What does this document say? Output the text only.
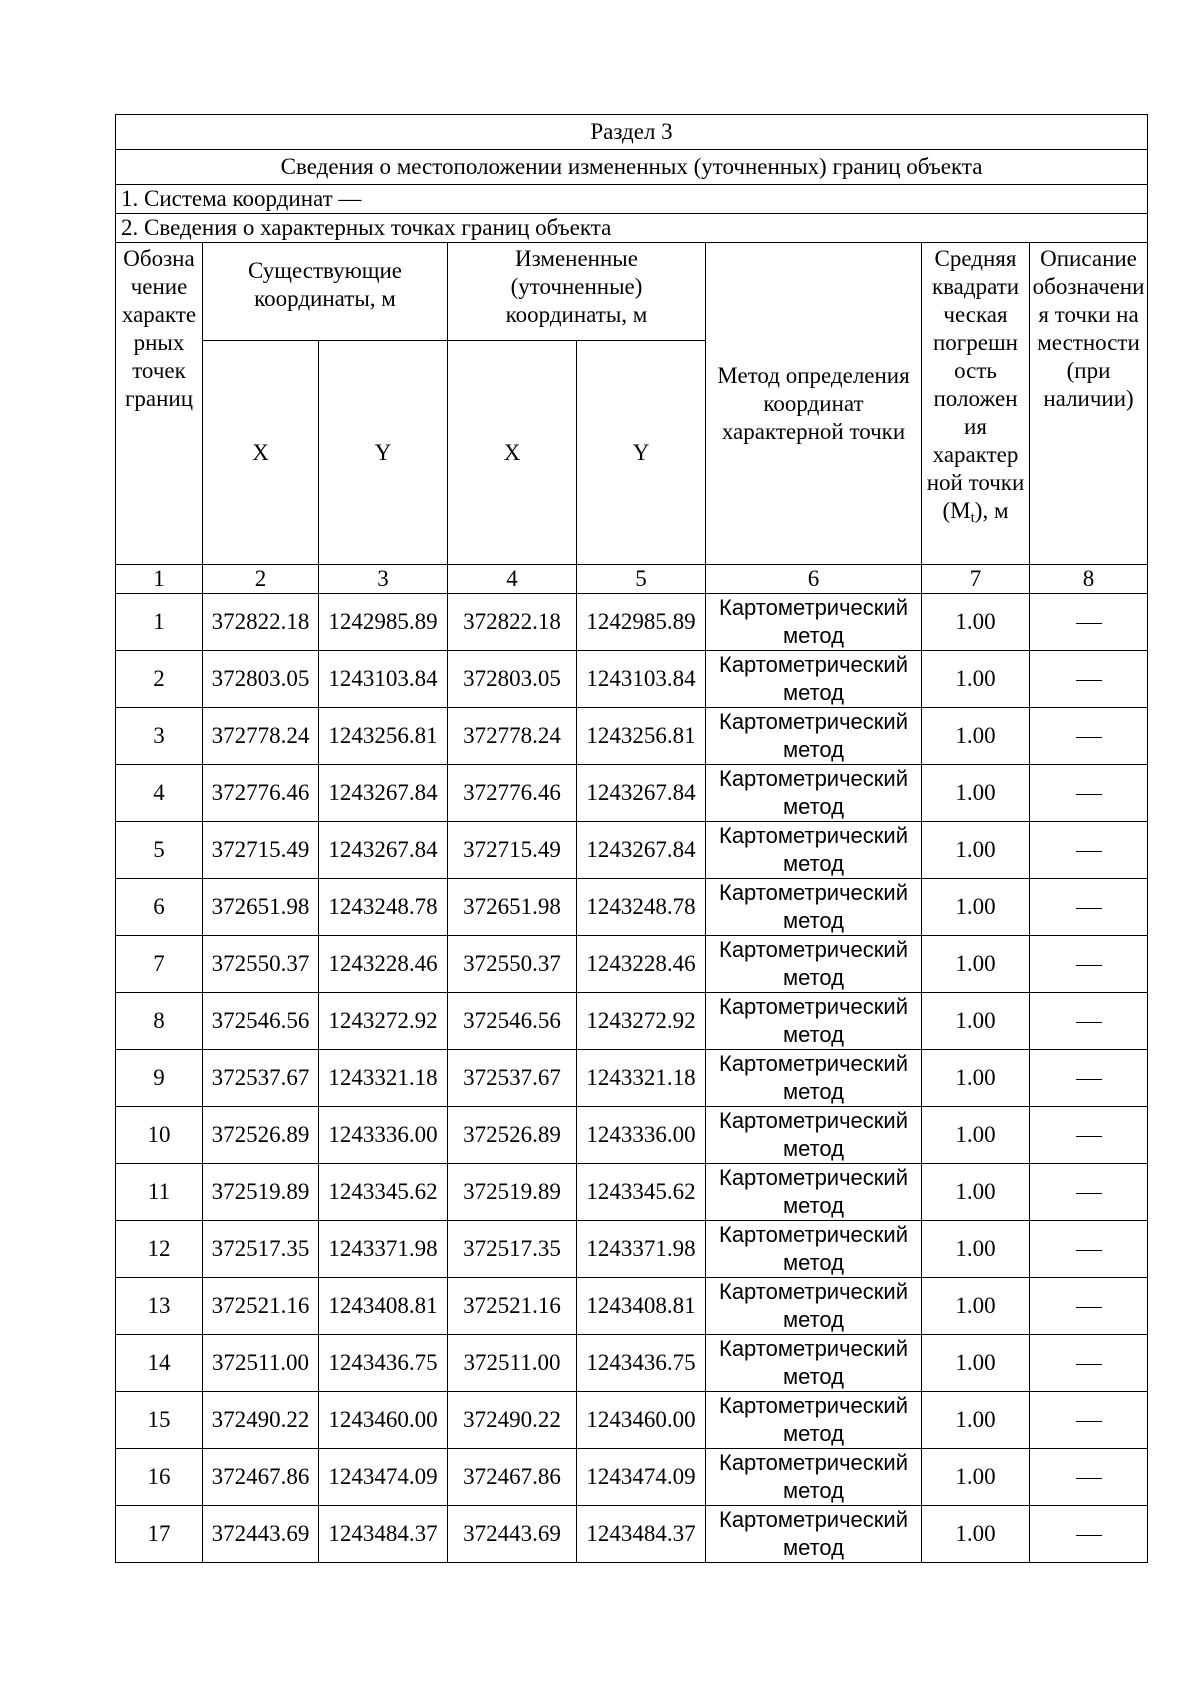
Раздел 3							
Сведения о местоположении измененных (уточненных) границ объекта							
1. Система координат —							
2. Сведения о характерных точках границ объекта							
Обозна чение характе рных точек границ	Существующие координаты, м		Измененные (уточненные) координаты, м		Метод определения координат характерной точки	Средняя квадрати ческая погрешн ость положен ия характер ной точки $(M_t)$, м	Описание обозначени я точки на местности (при наличии)
	X	Y	X	Y			
1	2	3	4	5	6	7	8
1	372822.18	1242985.89	372822.18	1242985.89	Картометрический метод	1.00	
2	372803.05	1243103.84	372803.05	1243103.84	Картометрический метод	1.00	
3	372778.24	1243256.81	372778.24	1243256.81	Картометрический метод	1.00	
4	372776.46	1243267.84	372776.46	1243267.84	Картометрический метод	1.00	
5	372715.49	1243267.84	372715.49	1243267.84	Картометрический метод	1.00	
6	372651.98	1243248.78	372651.98	1243248.78	Картометрический метод	1.00	
7	372550.37	1243228.46	372550.37	1243228.46	Картометрический метод	1.00	
8	372546.56	1243272.92	372546.56	1243272.92	Картометрический метод	1.00	
9	372537.67	1243321.18	372537.67	1243321.18	Картометрический метод	1.00	
10	372526.89	1243336.00	372526.89	1243336.00	Картометрический метод	1.00	
11	372519.89	1243345.62	372519.89	1243345.62	Картометрический метод	1.00	
12	372517.35	1243371.98	372517.35	1243371.98	Картометрический метод	1.00	
13	372521.16	1243408.81	372521.16	1243408.81	Картометрический метод	1.00	
14	372511.00	1243436.75	372511.00	1243436.75	Картометрический метод	1.00	
15	372490.22	1243460.00	372490.22	1243460.00	Картометрический метод	1.00	
16	372467.86	1243474.09	372467.86	1243474.09	Картометрический метод	1.00	
17	372443.69	1243484.37	372443.69	1243484.37	Картометрический метод	1.00	
